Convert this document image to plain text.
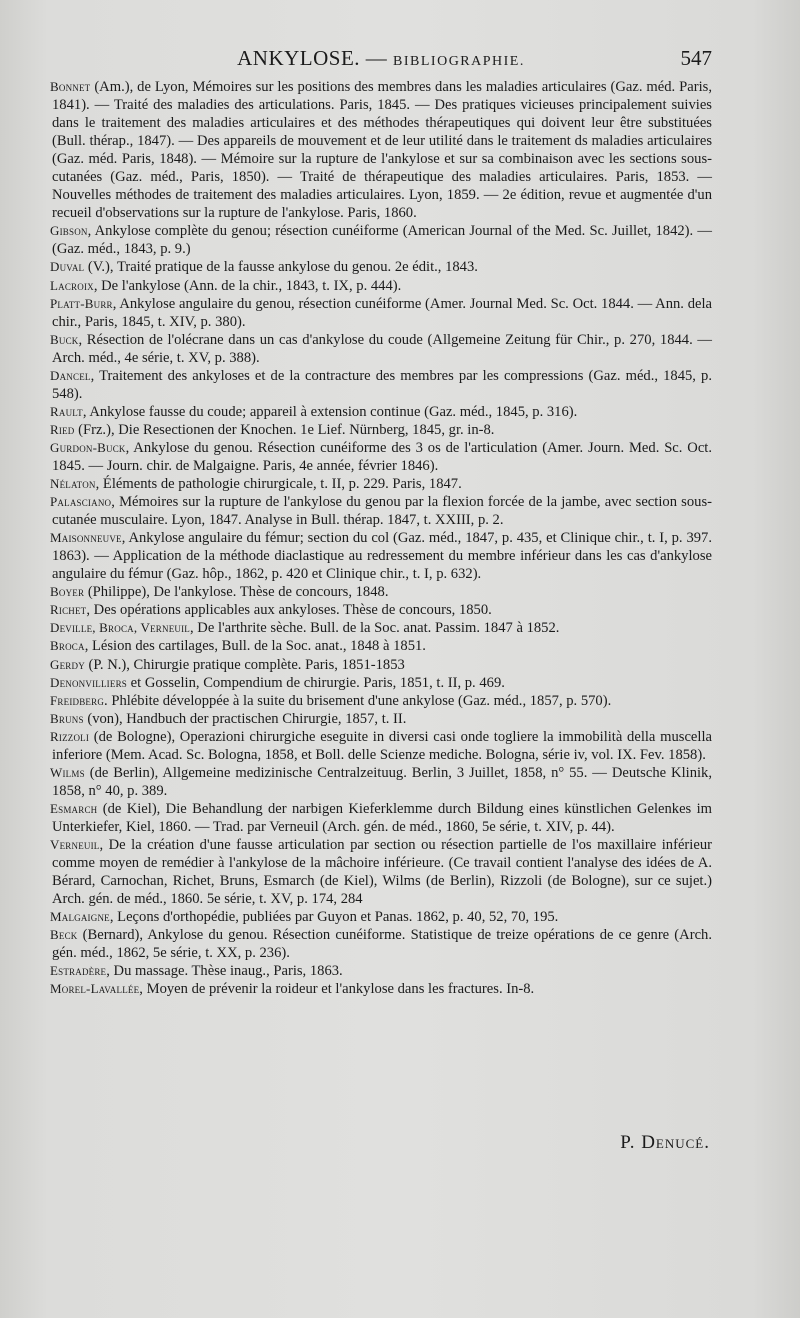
ANKYLOSE. — BIBLIOGRAPHIE.	547

Bonnet (Am.), de Lyon, Mémoires sur les positions des membres dans les maladies articulaires (Gaz. méd. Paris, 1841). — Traité des maladies des articulations. Paris, 1845. — Des pratiques vicieuses principalement suivies dans le traitement des maladies articulaires et des méthodes thérapeutiques qui doivent leur être substituées (Bull. thérap., 1847). — Des appareils de mouvement et de leur utilité dans le traitement ds maladies articulaires (Gaz. méd. Paris, 1848). — Mémoire sur la rupture de l'ankylose et sur sa combinaison avec les sections sous-cutanées (Gaz. méd., Paris, 1850). — Traité de thérapeutique des maladies articulaires. Paris, 1853. — Nouvelles méthodes de traitement des maladies articulaires. Lyon, 1859. — 2e édition, revue et augmentée d'un recueil d'observations sur la rupture de l'ankylose. Paris, 1860.

Gibson, Ankylose complète du genou; résection cunéiforme (American Journal of the Med. Sc. Juillet, 1842). — (Gaz. méd., 1843, p. 9.)

Duval (V.), Traité pratique de la fausse ankylose du genou. 2e édit., 1843.

Lacroix, De l'ankylose (Ann. de la chir., 1843, t. IX, p. 444).

Platt-Burr, Ankylose angulaire du genou, résection cunéiforme (Amer. Journal Med. Sc. Oct. 1844. — Ann. dela chir., Paris, 1845, t. XIV, p. 380).

Buck, Résection de l'olécrane dans un cas d'ankylose du coude (Allgemeine Zeitung für Chir., p. 270, 1844. — Arch. méd., 4e série, t. XV, p. 388).

Dancel, Traitement des ankyloses et de la contracture des membres par les compressions (Gaz. méd., 1845, p. 548).

Rault, Ankylose fausse du coude; appareil à extension continue (Gaz. méd., 1845, p. 316).

Ried (Frz.), Die Resectionen der Knochen. 1e Lief. Nürnberg, 1845, gr. in-8.

Gurdon-Buck, Ankylose du genou. Résection cunéiforme des 3 os de l'articulation (Amer. Journ. Med. Sc. Oct. 1845. — Journ. chir. de Malgaigne. Paris, 4e année, février 1846).

Nélaton, Éléments de pathologie chirurgicale, t. II, p. 229. Paris, 1847.

Palasciano, Mémoires sur la rupture de l'ankylose du genou par la flexion forcée de la jambe, avec section sous-cutanée musculaire. Lyon, 1847. Analyse in Bull. thérap. 1847, t. XXIII, p. 2.

Maisonneuve, Ankylose angulaire du fémur; section du col (Gaz. méd., 1847, p. 435, et Clinique chir., t. I, p. 397. 1863). — Application de la méthode diaclastique au redressement du membre inférieur dans les cas d'ankylose angulaire du fémur (Gaz. hôp., 1862, p. 420 et Clinique chir., t. I, p. 632).

Boyer (Philippe), De l'ankylose. Thèse de concours, 1848.

Richet, Des opérations applicables aux ankyloses. Thèse de concours, 1850.

Deville, Broca, Verneuil, De l'arthrite sèche. Bull. de la Soc. anat. Passim. 1847 à 1852.

Broca, Lésion des cartilages, Bull. de la Soc. anat., 1848 à 1851.

Gerdy (P. N.), Chirurgie pratique complète. Paris, 1851-1853

Denonvilliers et Gosselin, Compendium de chirurgie. Paris, 1851, t. II, p. 469.

Freidberg. Phlébite développée à la suite du brisement d'une ankylose (Gaz. méd., 1857, p. 570).

Bruns (von), Handbuch der practischen Chirurgie, 1857, t. II.

Rizzoli (de Bologne), Operazioni chirurgiche eseguite in diversi casi onde togliere la immobilità della muscella inferiore (Mem. Acad. Sc. Bologna, 1858, et Boll. delle Scienze mediche. Bologna, série iv, vol. IX. Fev. 1858).

Wilms (de Berlin), Allgemeine medizinische Centralzeituug. Berlin, 3 Juillet, 1858, n° 55. — Deutsche Klinik, 1858, n° 40, p. 389.

Esmarch (de Kiel), Die Behandlung der narbigen Kieferklemme durch Bildung eines künstlichen Gelenkes im Unterkiefer, Kiel, 1860. — Trad. par Verneuil (Arch. gén. de méd., 1860, 5e série, t. XIV, p. 44).

Verneuil, De la création d'une fausse articulation par section ou résection partielle de l'os maxillaire inférieur comme moyen de remédier à l'ankylose de la mâchoire inférieure. (Ce travail contient l'analyse des idées de A. Bérard, Carnochan, Richet, Bruns, Esmarch (de Kiel), Wilms (de Berlin), Rizzoli (de Bologne), sur ce sujet.) Arch. gén. de méd., 1860. 5e série, t. XV, p. 174, 284

Malgaigne, Leçons d'orthopédie, publiées par Guyon et Panas. 1862, p. 40, 52, 70, 195.

Beck (Bernard), Ankylose du genou. Résection cunéiforme. Statistique de treize opérations de ce genre (Arch. gén. méd., 1862, 5e série, t. XX, p. 236).

Estradère, Du massage. Thèse inaug., Paris, 1863.

Morel-Lavallée, Moyen de prévenir la roideur et l'ankylose dans les fractures. In-8.

P. Denucé.
